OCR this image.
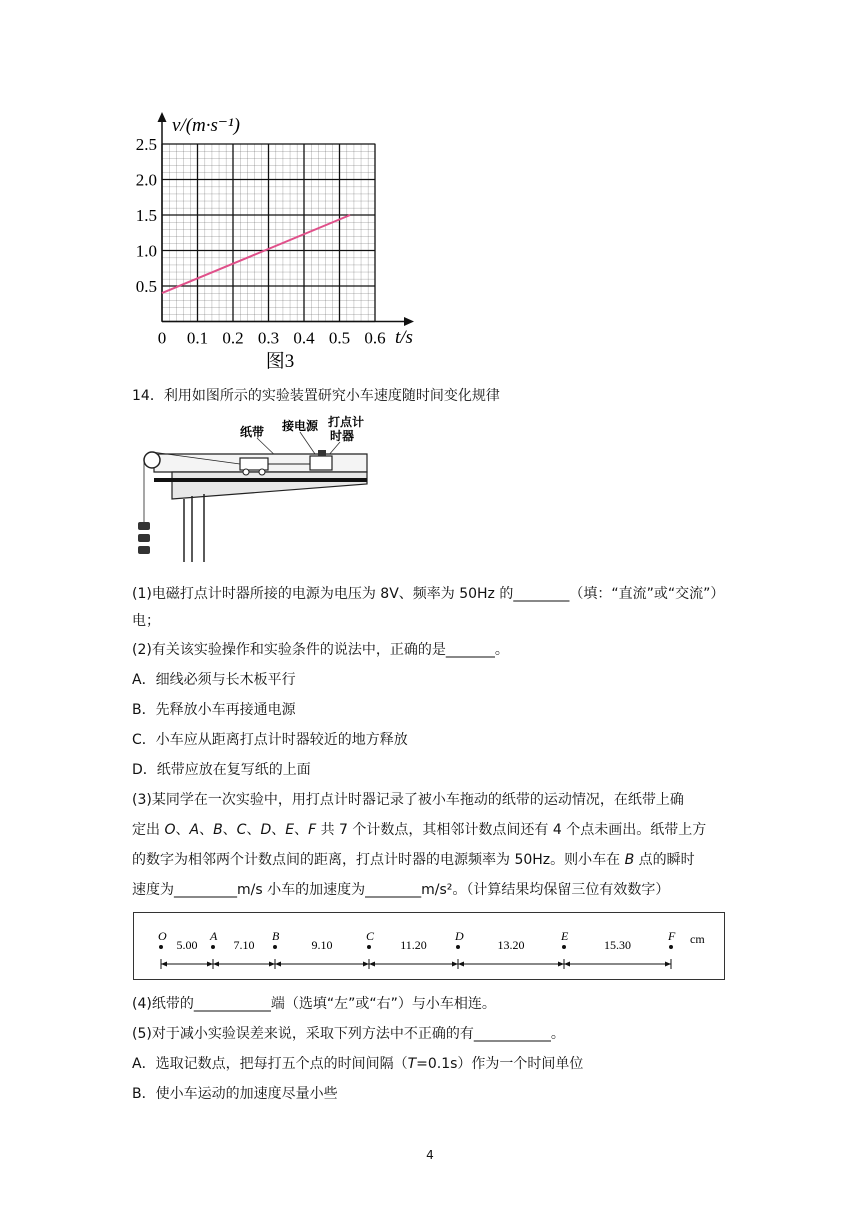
0.5
1.0
1.5
2.0
2.5
0 0.1 0.2 0.3 0.4 0.5 0.6
v/(m·s⁻¹)
t/s
图3
14．利用如图所示的实验装置研究小车速度随时间变化规律
纸带 接电源 打点计
时器
(1)电磁打点计时器所接的电源为电压为 8V、频率为 50Hz 的________（填：“直流”或“交流”）
电；
(2)有关该实验操作和实验条件的说法中，正确的是_______。
A．细线必须与长木板平行
B．先释放小车再接通电源
C．小车应从距离打点计时器较近的地方释放
D．纸带应放在复写纸的上面
(3)某同学在一次实验中，用打点计时器记录了被小车拖动的纸带的运动情况，在纸带上确
定出 O、A、B、C、D、E、F 共 7 个计数点，其相邻计数点间还有 4 个点未画出。纸带上方
的数字为相邻两个计数点间的距离，打点计时器的电源频率为 50Hz。则小车在 B 点的瞬时
速度为_________m/s 小车的加速度为________m/s²。（计算结果均保留三位有效数字）
O	A	B	C	D	E	F
5.00	7.10	9.10	11.20	13.20	15.30	cm
(4)纸带的___________端（选填“左”或“右”）与小车相连。
(5)对于减小实验误差来说，采取下列方法中不正确的有___________。
A．选取记数点，把每打五个点的时间间隔（T=0.1s）作为一个时间单位
B．使小车运动的加速度尽量小些
4
